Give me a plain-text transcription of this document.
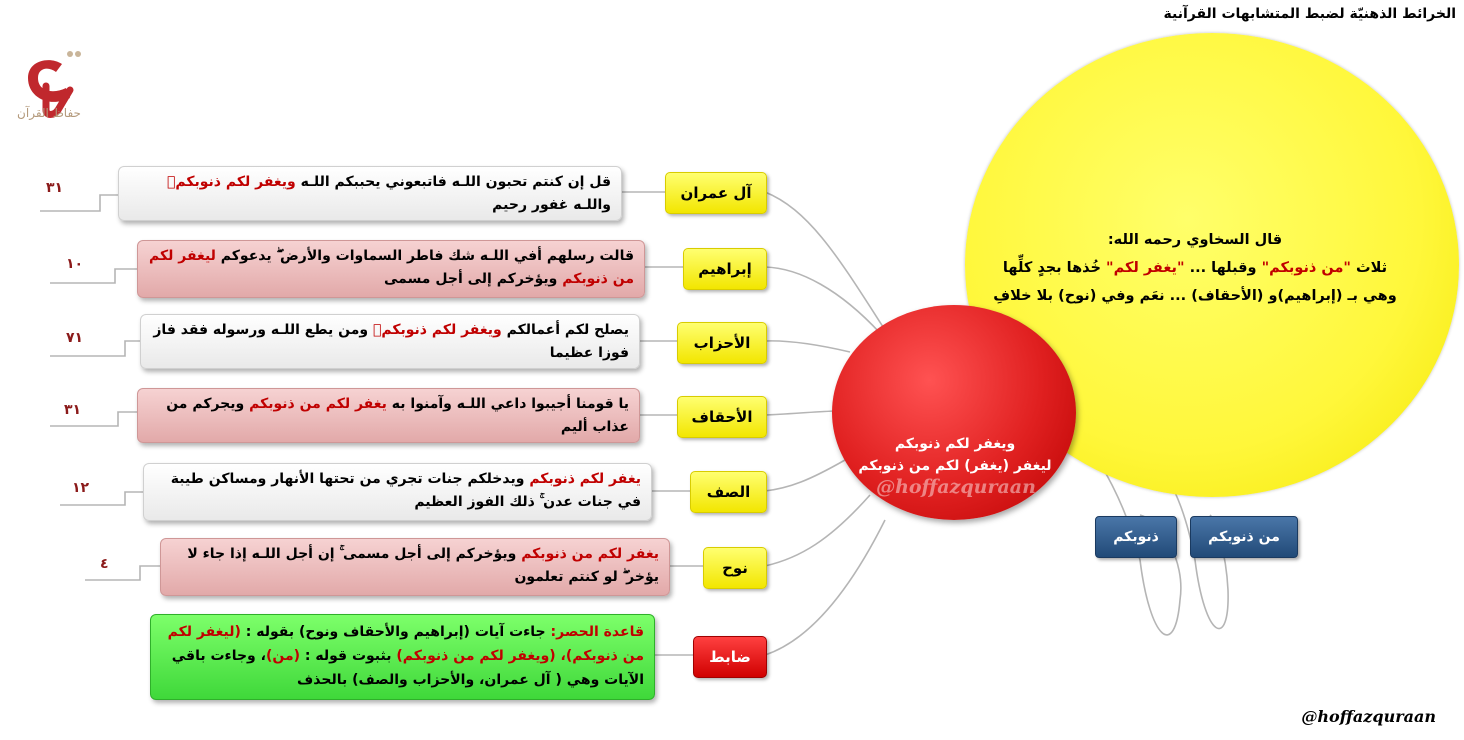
الخرائط الذهنيّة لضبط المتشابهات القرآنية
حفاظ القرآن
قال السخاوي رحمه الله:
ثلاث "من ذنوبكم" وقبلها ... "يغفر لكم" خُذها بجدٍ كلِّها
وهي بـ (إبراهيم)و (الأحقاف) ... نعَم وفي (نوح) بلا خلافِ
من ذنوبكم
ذنوبكم
ويغفر لكم ذنوبكم
ليغفر (يغفر) لكم من ذنوبكم
@hoffazquraan
آل عمران
قل إن كنتم تحبون اللـه فاتبعوني يحببكم اللـه ويغفر لكم ذنوبكم واللـه غفور رحيم
٣١
إبراهيم
قالت رسلهم أفي اللـه شك فاطر السماوات والأرض ۖ يدعوكم ليغفر لكم من ذنوبكم ويؤخركم إلى أجل مسمى
١٠
الأحزاب
يصلح لكم أعمالكم ويغفر لكم ذنوبكمۗ ومن يطع اللـه ورسوله فقد فاز فوزا عظيما
٧١
الأحقاف
يا قومنا أجيبوا داعي اللـه وآمنوا به يغفر لكم من ذنوبكم ويجركم من عذاب أليم
٣١
الصف
يغفر لكم ذنوبكم ويدخلكم جنات تجري من تحتها الأنهار ومساكن طيبة في جنات عدن ۚ ذلك الفوز العظيم
١٢
نوح
يغفر لكم من ذنوبكم ويؤخركم إلى أجل مسمى ۚ إن أجل اللـه إذا جاء لا يؤخر ۖ لو كنتم تعلمون
٤
ضابط
قاعدة الحصر: جاءت آيات (إبراهيم والأحقاف ونوح) بقوله : (ليغفر لكم من ذنوبكم)، (ويغفر لكم من ذنوبكم) بثبوت قوله : (من)، وجاءت باقي الآيات وهي ( آل عمران، والأحزاب والصف) بالحذف
@hoffazquraan
